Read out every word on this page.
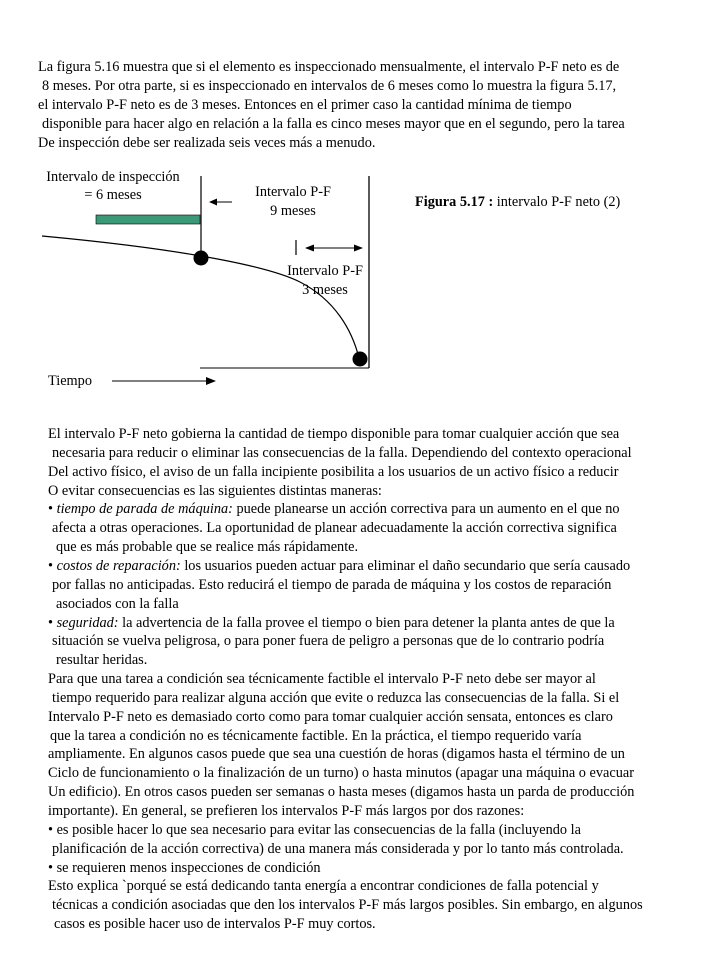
La figura 5.16 muestra que si el elemento es inspeccionado mensualmente, el intervalo P-F neto es de
8 meses. Por otra parte, si es inspeccionado en intervalos de 6 meses como lo muestra la figura 5.17,
el intervalo P-F neto es de 3 meses. Entonces en el primer caso la cantidad mínima de tiempo
disponible para hacer algo en relación a la falla es cinco meses mayor que en el segundo, pero la tarea
De inspección debe ser realizada seis veces más a menudo.
Intervalo de inspección
= 6 meses	Intervalo P-F
9 meses
Intervalo P-F
3 meses
Tiempo
Figura 5.17 : intervalo P-F neto (2)
El intervalo P-F neto gobierna la cantidad de tiempo disponible para tomar cualquier acción que sea
necesaria para reducir o eliminar las consecuencias de la falla. Dependiendo del contexto operacional
Del activo físico, el aviso de un falla incipiente posibilita a los usuarios de un activo físico a reducir
O evitar consecuencias es las siguientes distintas maneras:
• tiempo de parada de máquina: puede planearse un acción correctiva para un aumento en el que no
afecta a otras operaciones. La oportunidad de planear adecuadamente la acción correctiva significa
que es más probable que se realice más rápidamente.
• costos de reparación: los usuarios pueden actuar para eliminar el daño secundario que sería causado
por fallas no anticipadas. Esto reducirá el tiempo de parada de máquina y los costos de reparación
asociados con la falla
• seguridad: la advertencia de la falla provee el tiempo o bien para detener la planta antes de que la
situación se vuelva peligrosa, o para poner fuera de peligro a personas que de lo contrario podría
resultar heridas.
Para que una tarea a condición sea técnicamente factible el intervalo P-F neto debe ser mayor al
tiempo requerido para realizar alguna acción que evite o reduzca las consecuencias de la falla. Si el
Intervalo P-F neto es demasiado corto como para tomar cualquier acción sensata, entonces es claro
que la tarea a condición no es técnicamente factible. En la práctica, el tiempo requerido varía
ampliamente. En algunos casos puede que sea una cuestión de horas (digamos hasta el término de un
Ciclo de funcionamiento o la finalización de un turno) o hasta minutos (apagar una máquina o evacuar
Un edificio). En otros casos pueden ser semanas o hasta meses (digamos hasta un parda de producción
importante). En general, se prefieren los intervalos P-F más largos por dos razones:
• es posible hacer lo que sea necesario para evitar las consecuencias de la falla (incluyendo la
planificación de la acción correctiva) de una manera más considerada y por lo tanto más controlada.
• se requieren menos inspecciones de condición
Esto explica `porqué se está dedicando tanta energía a encontrar condiciones de falla potencial y
técnicas a condición asociadas que den los intervalos P-F más largos posibles. Sin embargo, en algunos
casos es posible hacer uso de intervalos P-F muy cortos.
